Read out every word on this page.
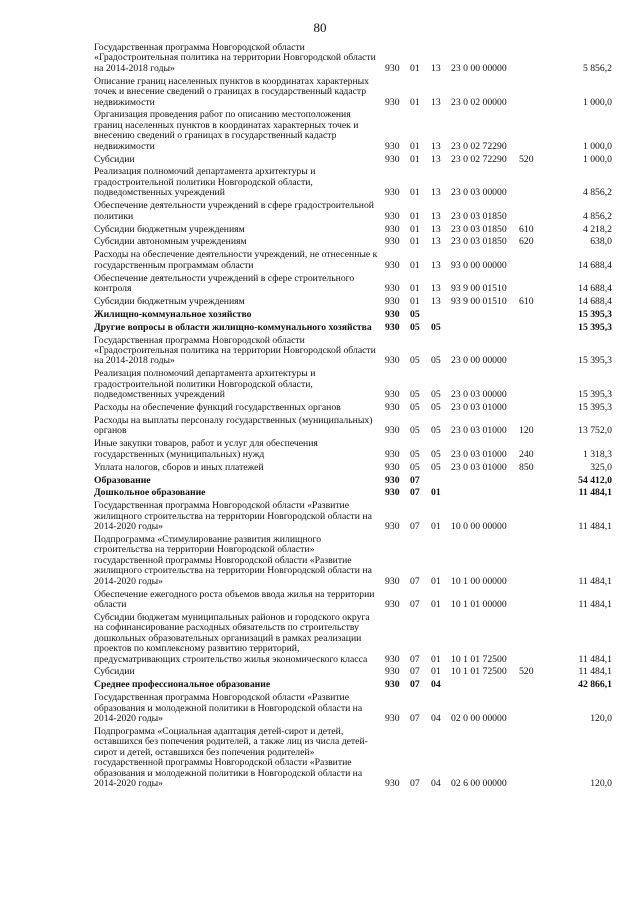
80
Государственная программа Новгородской области «Градостроительная политика на территории Новгородской области на 2014-2018 годы»	930	01	13	23 0 00 00000		5 856,2
Описание границ населенных пунктов в координатах характерных точек и внесение сведений о границах в государственный кадастр недвижимости	930	01	13	23 0 02 00000		1 000,0
Организация проведения работ по описанию местоположения границ населенных пунктов в координатах характерных точек и внесению сведений о границах в государственный кадастр недвижимости	930	01	13	23 0 02 72290		1 000,0
Субсидии	930	01	13	23 0 02 72290	520	1 000,0
Реализация полномочий департамента архитектуры и градостроительной политики Новгородской области, подведомственных учреждений	930	01	13	23 0 03 00000		4 856,2
Обеспечение деятельности учреждений в сфере градостроительной политики	930	01	13	23 0 03 01850		4 856,2
Субсидии бюджетным учреждениям	930	01	13	23 0 03 01850	610	4 218,2
Субсидии автономным учреждениям	930	01	13	23 0 03 01850	620	638,0
Расходы на обеспечение деятельности учреждений, не отнесенные к государственным программам области	930	01	13	93 0 00 00000		14 688,4
Обеспечение деятельности учреждений в сфере строительного контроля	930	01	13	93 9 00 01510		14 688,4
Субсидии бюджетным учреждениям	930	01	13	93 9 00 01510	610	14 688,4
Жилищно-коммунальное хозяйство	930	05				15 395,3
Другие вопросы в области жилищно-коммунального хозяйства	930	05	05			15 395,3
Государственная программа Новгородской области «Градостроительная политика на территории Новгородской области на 2014-2018 годы»	930	05	05	23 0 00 00000		15 395,3
Реализация полномочий департамента архитектуры и градостроительной политики Новгородской области, подведомственных учреждений	930	05	05	23 0 03 00000		15 395,3
Расходы на обеспечение функций государственных органов	930	05	05	23 0 03 01000		15 395,3
Расходы на выплаты персоналу государственных (муниципальных) органов	930	05	05	23 0 03 01000	120	13 752,0
Иные закупки товаров, работ и услуг для обеспечения государственных (муниципальных) нужд	930	05	05	23 0 03 01000	240	1 318,3
Уплата налогов, сборов и иных платежей	930	05	05	23 0 03 01000	850	325,0
Образование	930	07				54 412,0
Дошкольное образование	930	07	01			11 484,1
Государственная программа Новгородской области «Развитие жилищного строительства на территории Новгородской области на 2014-2020 годы»	930	07	01	10 0 00 00000		11 484,1
Подпрограмма «Стимулирование развития жилищного строительства на территории Новгородской области» государственной программы Новгородской области «Развитие жилищного строительства на территории Новгородской области на 2014-2020 годы»	930	07	01	10 1 00 00000		11 484,1
Обеспечение ежегодного роста объемов ввода жилья на территории области	930	07	01	10 1 01 00000		11 484,1
Субсидии бюджетам муниципальных районов и городского округа на софинансирование расходных обязательств по строительству дошкольных образовательных организаций в рамках реализации проектов по комплексному развитию территорий, предусматривающих строительство жилья экономического класса	930	07	01	10 1 01 72500		11 484,1
Субсидии	930	07	01	10 1 01 72500	520	11 484,1
Среднее профессиональное образование	930	07	04			42 866,1
Государственная программа Новгородской области «Развитие образования и молодежной политики в Новгородской области на 2014-2020 годы»	930	07	04	02 0 00 00000		120,0
Подпрограмма «Социальная адаптация детей-сирот и детей, оставшихся без попечения родителей, а также лиц из числа детей-сирот и детей, оставшихся без попечения родителей» государственной программы Новгородской области «Развитие образования и молодежной политики в Новгородской области на 2014-2020 годы»	930	07	04	02 6 00 00000		120,0
